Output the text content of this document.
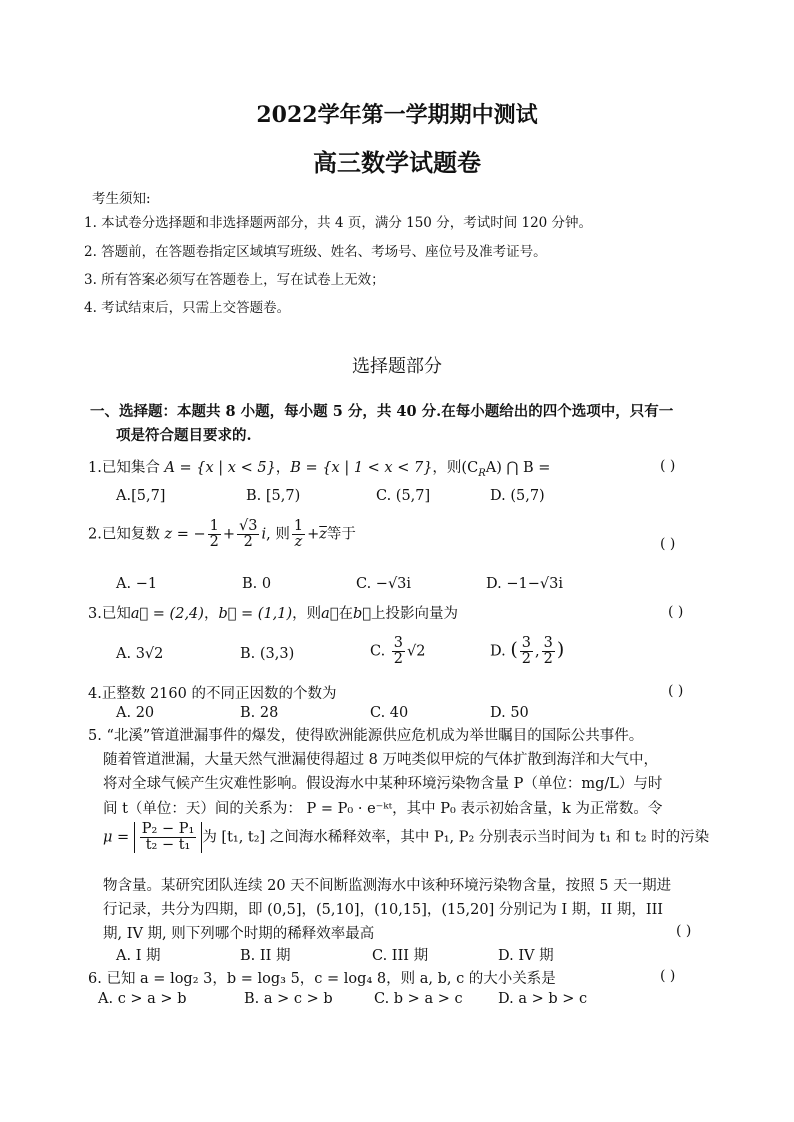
2022学年第一学期期中测试
高三数学试题卷
考生须知:
1. 本试卷分选择题和非选择题两部分，共 4 页，满分 150 分，考试时间 120 分钟。
2. 答题前，在答题卷指定区域填写班级、姓名、考场号、座位号及准考证号。
3. 所有答案必须写在答题卷上，写在试卷上无效；
4. 考试结束后，只需上交答题卷。
选择题部分
一、选择题：本题共 8 小题，每小题 5 分，共 40 分.在每小题给出的四个选项中，只有一
项是符合题目要求的.
1.已知集合 A = {x | x < 5}，B = {x | 1 < x < 7}，则$(C_RA)$ ⋂ B =	( )
A.[5,7]	B. [5,7)	C. (5,7]	D. (5,7)
2.已知复数 z = − $\frac{1}{2} + \frac{√3}{2} i$, 则 $\frac{1}{z} +\overline{z}$等于
( )
A. −1	B. 0	C. −√3i	D. −1−√3i
3.已知a⃗ = (2,4)，b⃗ = (1,1)，则a⃗在b⃗上投影向量为	( )
A. 3√2	B. (3,3)	C. $\frac{3}{2} √2$	D. ( $\frac{3}{2}$ , $\frac{3}{2}$ )
4.正整数 2160 的不同正因数的个数为	( )
A. 20	B. 28	C. 40	D. 50
5. “北溪”管道泄漏事件的爆发，使得欧洲能源供应危机成为举世瞩目的国际公共事件。
随着管道泄漏，大量天然气泄漏使得超过 8 万吨类似甲烷的气体扩散到海洋和大气中，
将对全球气候产生灾难性影响。假设海水中某种环境污染物含量 P（单位：mg/L）与时
间 t（单位：天）间的关系为： P = P₀ · e⁻ᵏᵗ，其中 P₀ 表示初始含量，k 为正常数。令
$\mu = \frac{\text{P₂ − P₁}}{\text{t₂ − t₁}}$ 为 [t₁, t₂] 之间海水稀释效率，其中 P₁, P₂ 分别表示当时间为 t₁ 和 t₂ 时的污染
物含量。某研究团队连续 20 天不间断监测海水中该种环境污染物含量，按照 5 天一期进
行记录，共分为四期，即 (0,5]，(5,10]，(10,15]，(15,20] 分别记为 I 期，II 期，III
期, IV 期, 则下列哪个时期的稀释效率最高	( )
A. I 期	B. II 期	C. III 期	D. IV 期
6. 已知 a = log₂ 3，b = log₃ 5，c = log₄ 8，则 a, b, c 的大小关系是	( )
A. c > a > b	B. a > c > b	C. b > a > c D. a > b > c
